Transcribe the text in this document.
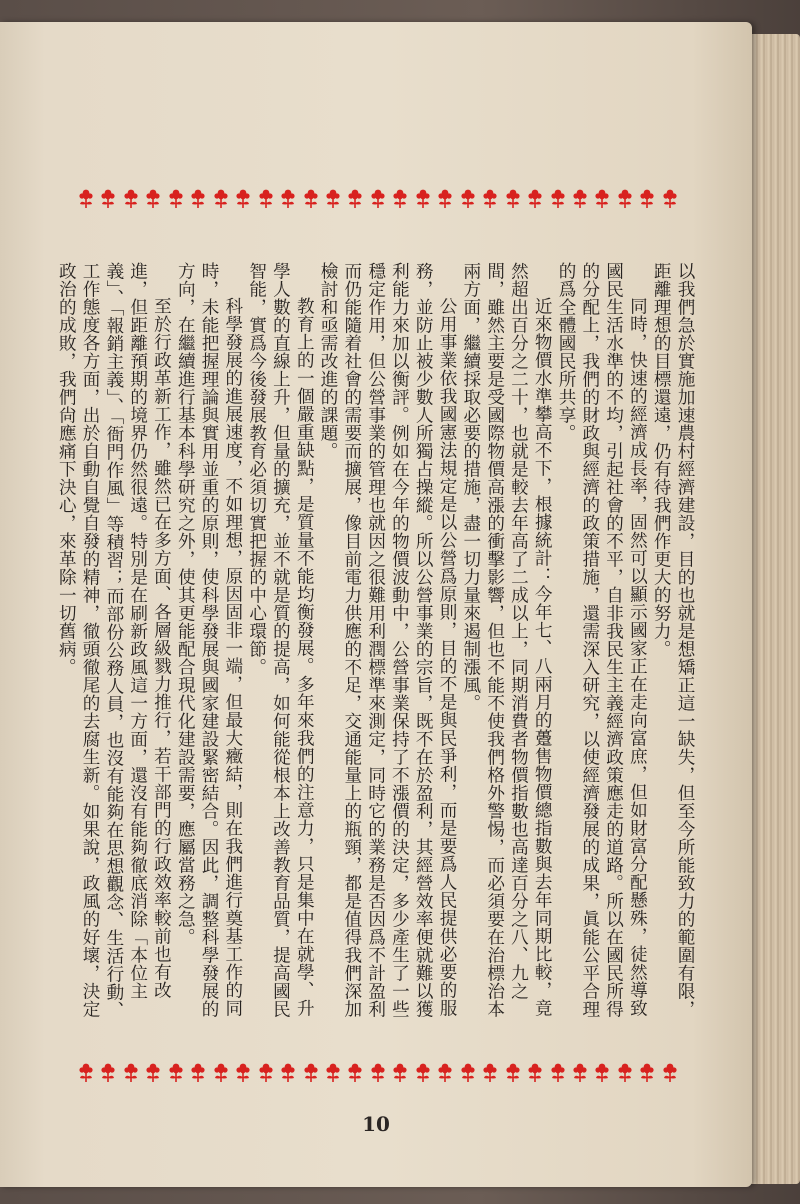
以我們急於實施加速農村經濟建設，目的也就是想矯正這一缺失，但至今所能致力的範圍有限，距離理想的目標還遠，仍有待我們作更大的努力。

同時，快速的經濟成長率，固然可以顯示國家正在走向富庶，但如財富分配懸殊，徒然導致國民生活水準的不均，引起社會的不平，自非我民生主義經濟政策應走的道路。所以在國民所得的分配上，我們的財政與經濟的政策措施，還需深入研究，以使經濟發展的成果，眞能公平合理的爲全體國民所共享。

近來物價水準攀高不下，根據統計：今年七、八兩月的躉售物價總指數與去年同期比較，竟然超出百分之二十，也就是較去年高了二成以上，同期消費者物價指數也高達百分之八、九之間，雖然主要是受國際物價高漲的衝擊影響，但也不能不使我們格外警惕，而必須要在治標治本兩方面，繼續採取必要的措施，盡一切力量來遏制漲風。

公用事業依我國憲法規定是以公營爲原則，目的不是與民爭利，而是要爲人民提供必要的服務，並防止被少數人所獨占操縱。所以公營事業的宗旨，既不在於盈利，其經營效率便就難以獲利能力來加以衡評。例如在今年的物價波動中，公營事業保持了不漲價的決定，多少產生了一些穩定作用，但公營事業的管理也就因之很難用利潤標準來測定，同時它的業務是否因爲不計盈利而仍能隨着社會的需要而擴展，像目前電力供應的不足，交通能量上的瓶頸，都是值得我們深加檢討和亟需改進的課題。

教育上的一個嚴重缺點，是質量不能均衡發展。多年來我們的注意力，只是集中在就學、升學人數的直線上升，但量的擴充，並不就是質的提高，如何能從根本上改善教育品質，提高國民智能，實爲今後發展教育必須切實把握的中心環節。

科學發展的進展速度，不如理想，原因固非一端，但最大癥結，則在我們進行奠基工作的同時，未能把握理論與實用並重的原則，使科學發展與國家建設緊密結合。因此，調整科學發展的方向，在繼續進行基本科學研究之外，使其更能配合現代化建設需要，應屬當務之急。

至於行政革新工作，雖然已在多方面、各層級戮力推行，若干部門的行政效率較前也有改進，但距離預期的境界仍然很遠。特別是在刷新政風這一方面，還沒有能夠徹底消除「本位主義」、「報銷主義」、「衙門作風」等積習；而部份公務人員，也沒有能夠在思想觀念、生活行動、工作態度各方面，出於自動自覺自發的精神，徹頭徹尾的去腐生新。如果說，政風的好壞，決定政治的成敗，我們尙應痛下決心，來革除一切舊病。

10
